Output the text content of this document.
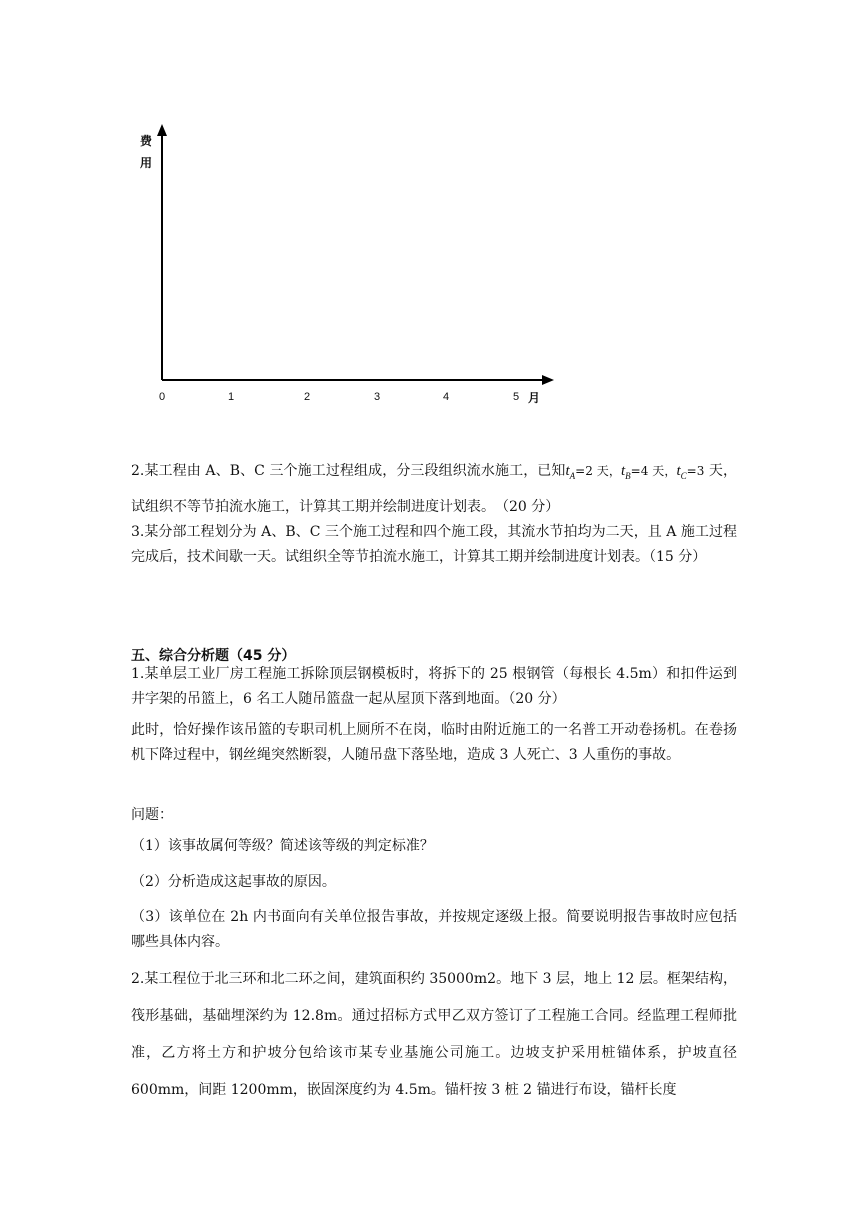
费
用
0	1	2	3	4	5 月

2.某工程由 A、B、C 三个施工过程组成，分三段组织流水施工，已知$t_A=2$ 天，$t_B=4$ 天，$t_C=3$ 天，试组织不等节拍流水施工，计算其工期并绘制进度计划表。　（20 分）

3.某分部工程划分为 A、B、C 三个施工过程和四个施工段，其流水节拍均为二天，且 A 施工过程完成后，技术间歇一天。试组织全等节拍流水施工，计算其工期并绘制进度计划表。（15 分）

五、综合分析题（45 分）

1.某单层工业厂房工程施工拆除顶层钢模板时，将拆下的 25 根钢管（每根长 4.5m）和扣件运到井字架的吊篮上，6 名工人随吊篮盘一起从屋顶下落到地面。（20 分）

此时，恰好操作该吊篮的专职司机上厕所不在岗，临时由附近施工的一名普工开动卷扬机。在卷扬机下降过程中，钢丝绳突然断裂，人随吊盘下落坠地，造成 3 人死亡、3 人重伤的事故。

问题：

（1）该事故属何等级？简述该等级的判定标准？

（2）分析造成这起事故的原因。

（3）该单位在 2h 内书面向有关单位报告事故，并按规定逐级上报。简要说明报告事故时应包括哪些具体内容。

2.某工程位于北三环和北二环之间，建筑面积约 35000m2。地下 3 层，地上 12 层。框架结构，筏形基础，基础埋深约为 12.8m。通过招标方式甲乙双方签订了工程施工合同。经监理工程师批准，乙方将土方和护坡分包给该市某专业基施公司施工。边坡支护采用桩锚体系，护坡直径 600mm，间距 1200mm，嵌固深度约为 4.5m。锚杆按 3 桩 2 锚进行布设，锚杆长度
